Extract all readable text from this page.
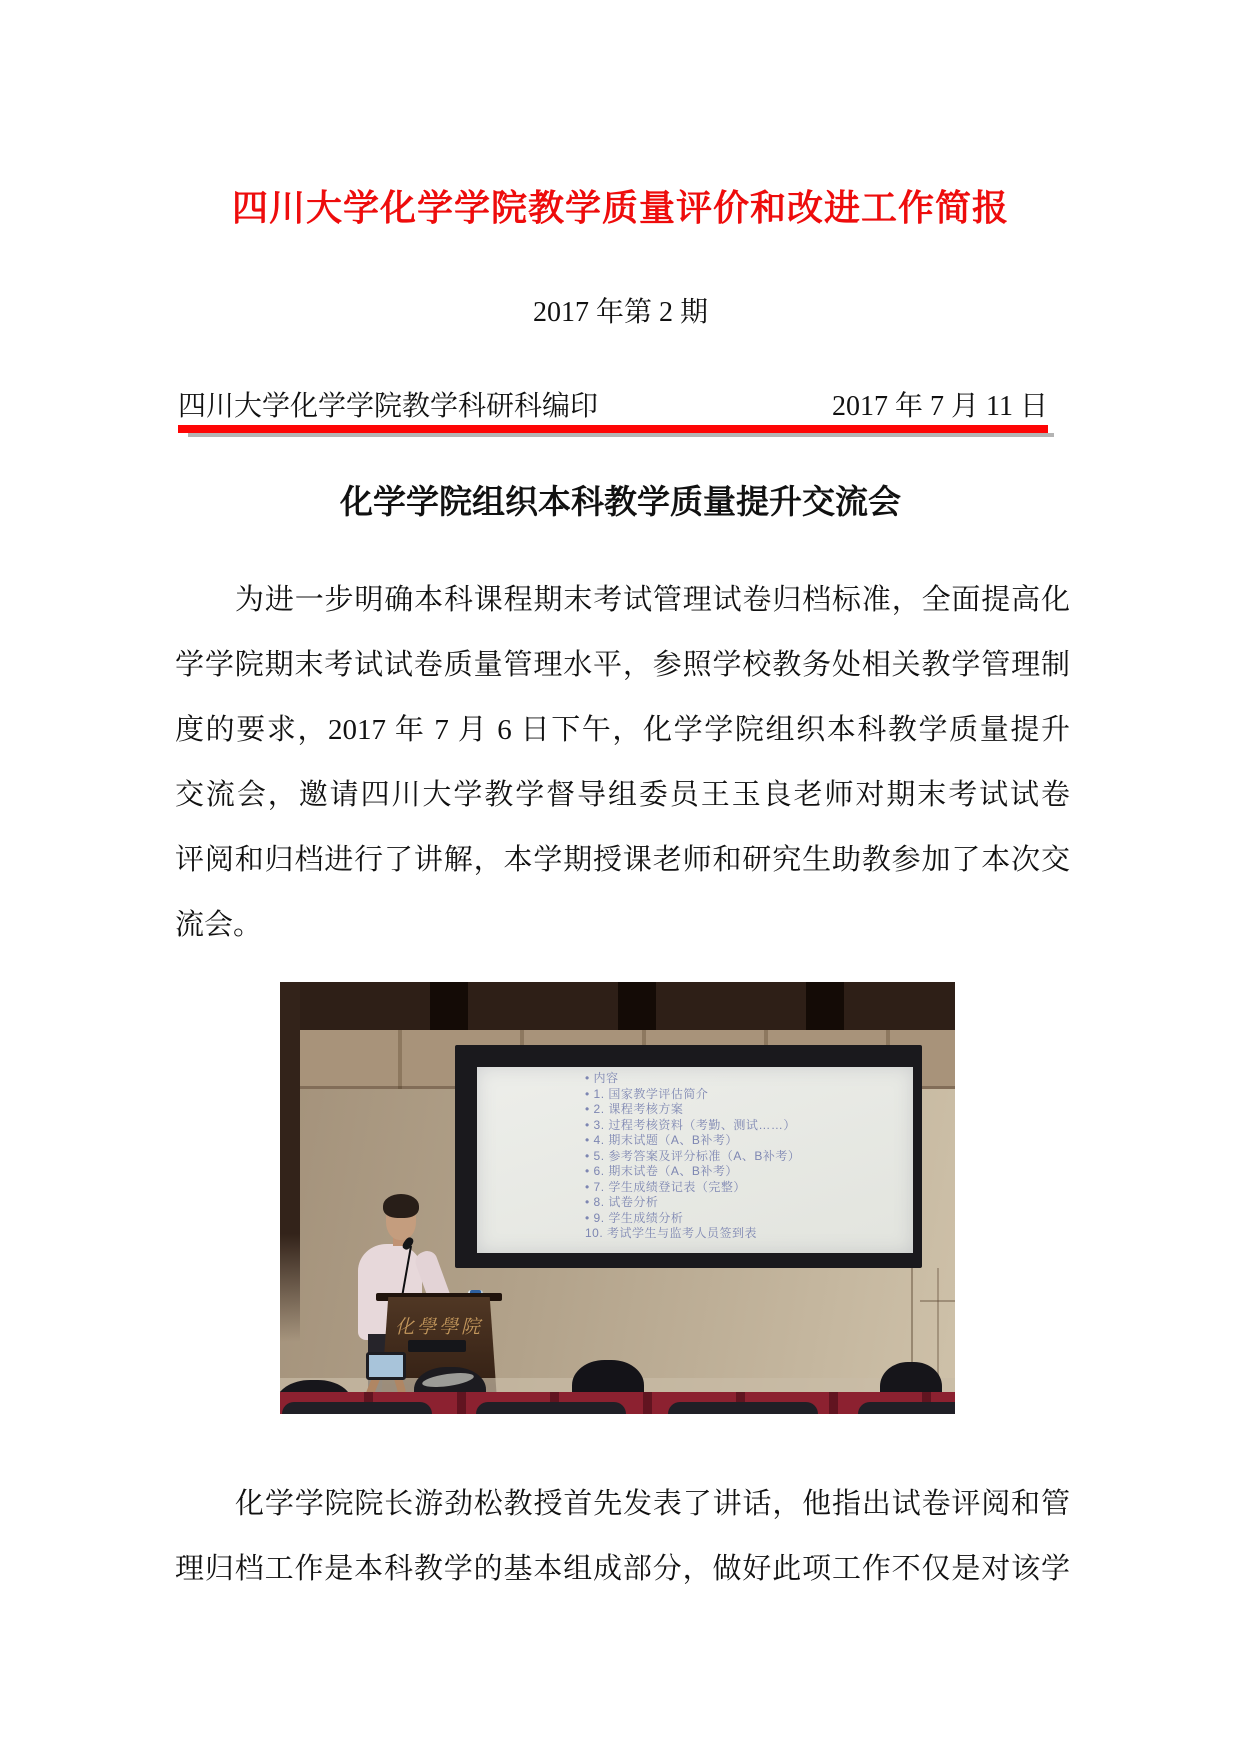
四川大学化学学院教学质量评价和改进工作简报
2017 年第 2 期
四川大学化学学院教学科研科编印	2017 年 7 月 11 日
化学学院组织本科教学质量提升交流会
为进一步明确本科课程期末考试管理试卷归档标准，全面提高化
学学院期末考试试卷质量管理水平，参照学校教务处相关教学管理制
度的要求，2017 年 7 月 6 日下午，化学学院组织本科教学质量提升
交流会，邀请四川大学教学督导组委员王玉良老师对期末考试试卷
评阅和归档进行了讲解，本学期授课老师和研究生助教参加了本次交
流会。
• 内容
• 1. 国家教学评估简介
• 2. 课程考核方案
• 3. 过程考核资料（考勤、测试……）
• 4. 期末试题（A、B补考）
• 5. 参考答案及评分标准（A、B补考）
• 6. 期末试卷（A、B补考）
• 7. 学生成绩登记表（完整）
• 8. 试卷分析
• 9. 学生成绩分析
10. 考试学生与监考人员签到表
化學學院
化学学院院长游劲松教授首先发表了讲话，他指出试卷评阅和管
理归档工作是本科教学的基本组成部分，做好此项工作不仅是对该学
